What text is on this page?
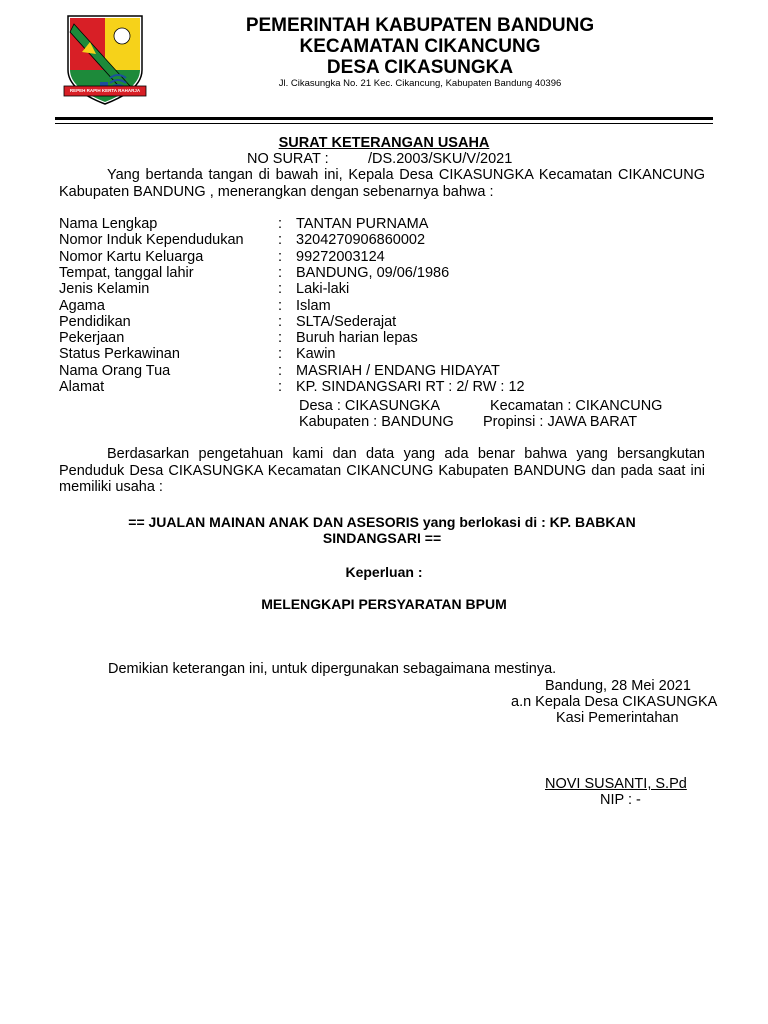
REPEH RAPIH KERTA RAHARJA
PEMERINTAH KABUPATEN BANDUNG
KECAMATAN CIKANCUNG
DESA CIKASUNGKA
Jl. Cikasungka No. 21 Kec. Cikancung, Kabupaten Bandung 40396
SURAT KETERANGAN USAHA
NO SURAT :	/DS.2003/SKU/V/2021
Yang bertanda tangan di bawah ini, Kepala Desa CIKASUNGKA Kecamatan CIKANCUNG Kabupaten BANDUNG , menerangkan dengan sebenarnya bahwa :
Nama Lengkap	: TANTAN PURNAMA
Nomor Induk Kependudukan	: 3204270906860002
Nomor Kartu Keluarga	: 99272003124
Tempat, tanggal lahir	: BANDUNG, 09/06/1986
Jenis Kelamin	: Laki-laki
Agama	: Islam
Pendidikan	: SLTA/Sederajat
Pekerjaan	: Buruh harian lepas
Status Perkawinan	: Kawin
Nama Orang Tua	: MASRIAH / ENDANG HIDAYAT
Alamat	: KP. SINDANGSARI RT : 2/ RW : 12
Desa : CIKASUNGKA	Kecamatan : CIKANCUNG
Kabupaten : BANDUNG Propinsi : JAWA BARAT
Berdasarkan pengetahuan kami dan data yang ada benar bahwa yang bersangkutan Penduduk Desa CIKASUNGKA Kecamatan CIKANCUNG Kabupaten BANDUNG dan pada saat ini memiliki usaha :
== JUALAN MAINAN ANAK DAN ASESORIS yang berlokasi di : KP. BABKAN
SINDANGSARI ==
Keperluan :
MELENGKAPI PERSYARATAN BPUM
Demikian keterangan ini, untuk dipergunakan sebagaimana mestinya.
Bandung, 28 Mei 2021
a.n Kepala Desa CIKASUNGKA
Kasi Pemerintahan
NOVI SUSANTI, S.Pd
NIP : -
